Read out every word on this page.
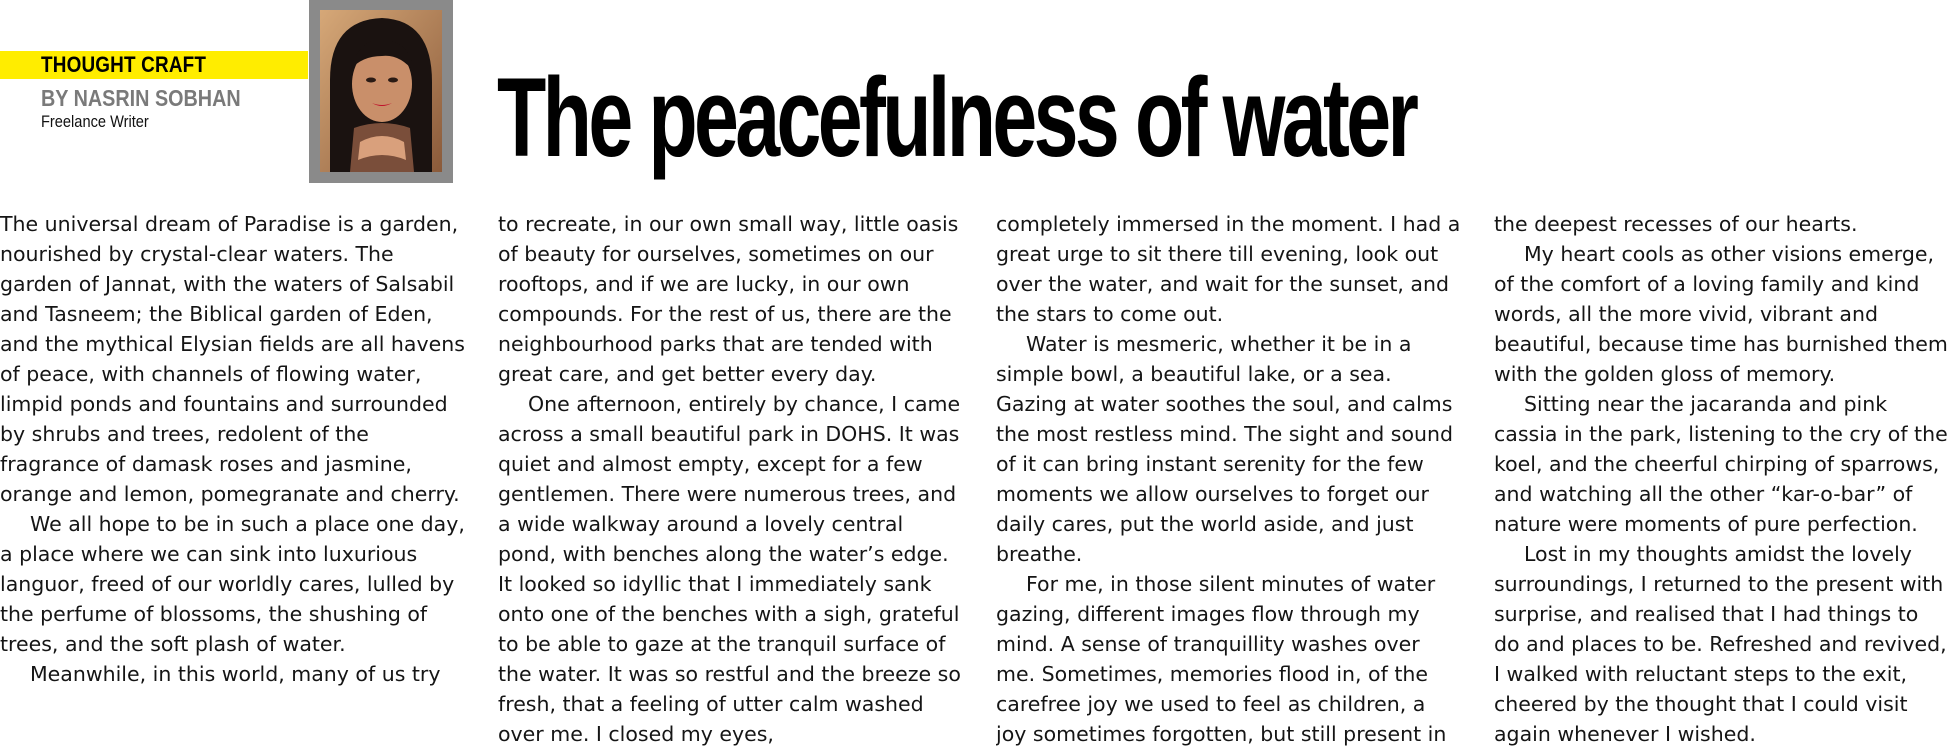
THOUGHT CRAFT
BY NASRIN SOBHAN
Freelance Writer	The peacefulness of water

The universal dream of Paradise is a garden, nourished by crystal-clear waters. The garden of Jannat, with the waters of Salsabil and Tasneem; the Biblical garden of Eden, and the mythical Elysian fields are all havens of peace, with channels of flowing water, limpid ponds and fountains and surrounded by shrubs and trees, redolent of the fragrance of damask roses and jasmine, orange and lemon, pomegranate and cherry.

We all hope to be in such a place one day, a place where we can sink into luxurious languor, freed of our worldly cares, lulled by the perfume of blossoms, the shushing of trees, and the soft plash of water.

Meanwhile, in this world, many of us try

to recreate, in our own small way, little oasis of beauty for ourselves, sometimes on our rooftops, and if we are lucky, in our own compounds. For the rest of us, there are the neighbourhood parks that are tended with great care, and get better every day.

One afternoon, entirely by chance, I came across a small beautiful park in DOHS. It was quiet and almost empty, except for a few gentlemen. There were numerous trees, and a wide walkway around a lovely central pond, with benches along the water’s edge. It looked so idyllic that I immediately sank onto one of the benches with a sigh, grateful to be able to gaze at the tranquil surface of the water. It was so restful and the breeze so fresh, that a feeling of utter calm washed over me. I closed my eyes,

completely immersed in the moment. I had a great urge to sit there till evening, look out over the water, and wait for the sunset, and the stars to come out.

Water is mesmeric, whether it be in a simple bowl, a beautiful lake, or a sea. Gazing at water soothes the soul, and calms the most restless mind. The sight and sound of it can bring instant serenity for the few moments we allow ourselves to forget our daily cares, put the world aside, and just breathe.

For me, in those silent minutes of water gazing, different images flow through my mind. A sense of tranquillity washes over me. Sometimes, memories flood in, of the carefree joy we used to feel as children, a joy sometimes forgotten, but still present in

the deepest recesses of our hearts.

My heart cools as other visions emerge, of the comfort of a loving family and kind words, all the more vivid, vibrant and beautiful, because time has burnished them with the golden gloss of memory.

Sitting near the jacaranda and pink cassia in the park, listening to the cry of the koel, and the cheerful chirping of sparrows, and watching all the other “kar-o-bar” of nature were moments of pure perfection.

Lost in my thoughts amidst the lovely surroundings, I returned to the present with surprise, and realised that I had things to do and places to be. Refreshed and revived, I walked with reluctant steps to the exit, cheered by the thought that I could visit again whenever I wished.
